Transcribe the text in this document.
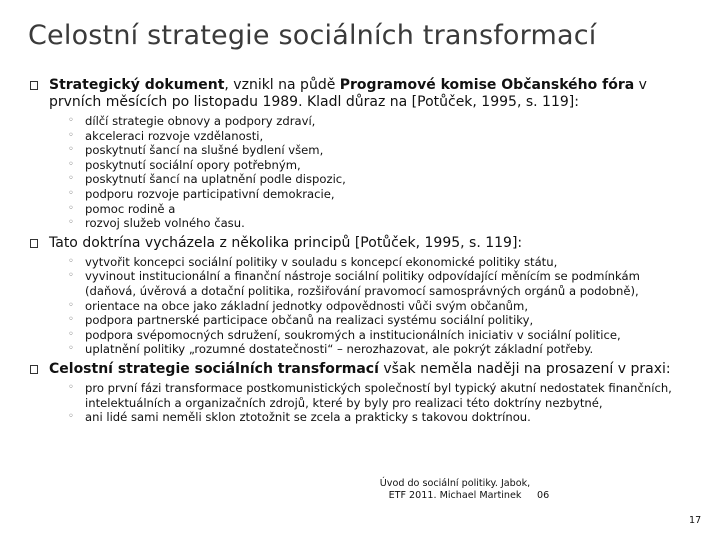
Celostní strategie sociálních transformací
Strategický dokument, vznikl na půdě Programové komise Občanského fóra v prvních měsících po listopadu 1989. Kladl důraz na [Potůček, 1995, s. 119]:
◦ dílčí strategie obnovy a podpory zdraví,
◦ akceleraci rozvoje vzdělanosti,
◦ poskytnutí šancí na slušné bydlení všem,
◦ poskytnutí sociální opory potřebným,
◦ poskytnutí šancí na uplatnění podle dispozic,
◦ podporu rozvoje participativní demokracie,
◦ pomoc rodině a
◦ rozvoj služeb volného času.
Tato doktrína vycházela z několika principů [Potůček, 1995, s. 119]:
◦ vytvořit koncepci sociální politiky v souladu s koncepcí ekonomické politiky státu,
◦ vyvinout institucionální a finanční nástroje sociální politiky odpovídající měnícím se podmínkám (daňová, úvěrová a dotační politika, rozšiřování pravomocí samosprávných orgánů a podobně),
◦ orientace na obce jako základní jednotky odpovědnosti vůči svým občanům,
◦ podpora partnerské participace občanů na realizaci systému sociální politiky,
◦ podpora svépomocných sdružení, soukromých a institucionálních iniciativ v sociální politice,
◦ uplatnění politiky „rozumné dostatečnosti“ – nerozhazovat, ale pokrýt základní potřeby.
Celostní strategie sociálních transformací však neměla naději na prosazení v praxi:
◦ pro první fázi transformace postkomunistických společností byl typický akutní nedostatek finančních, intelektuálních a organizačních zdrojů, které by byly pro realizaci této doktríny nezbytné,
◦ ani lidé sami neměli sklon ztotožnit se zcela a prakticky s takovou doktrínou.
Úvod do sociální politiky. Jabok,
ETF 2011. Michael Martinek	06
17
